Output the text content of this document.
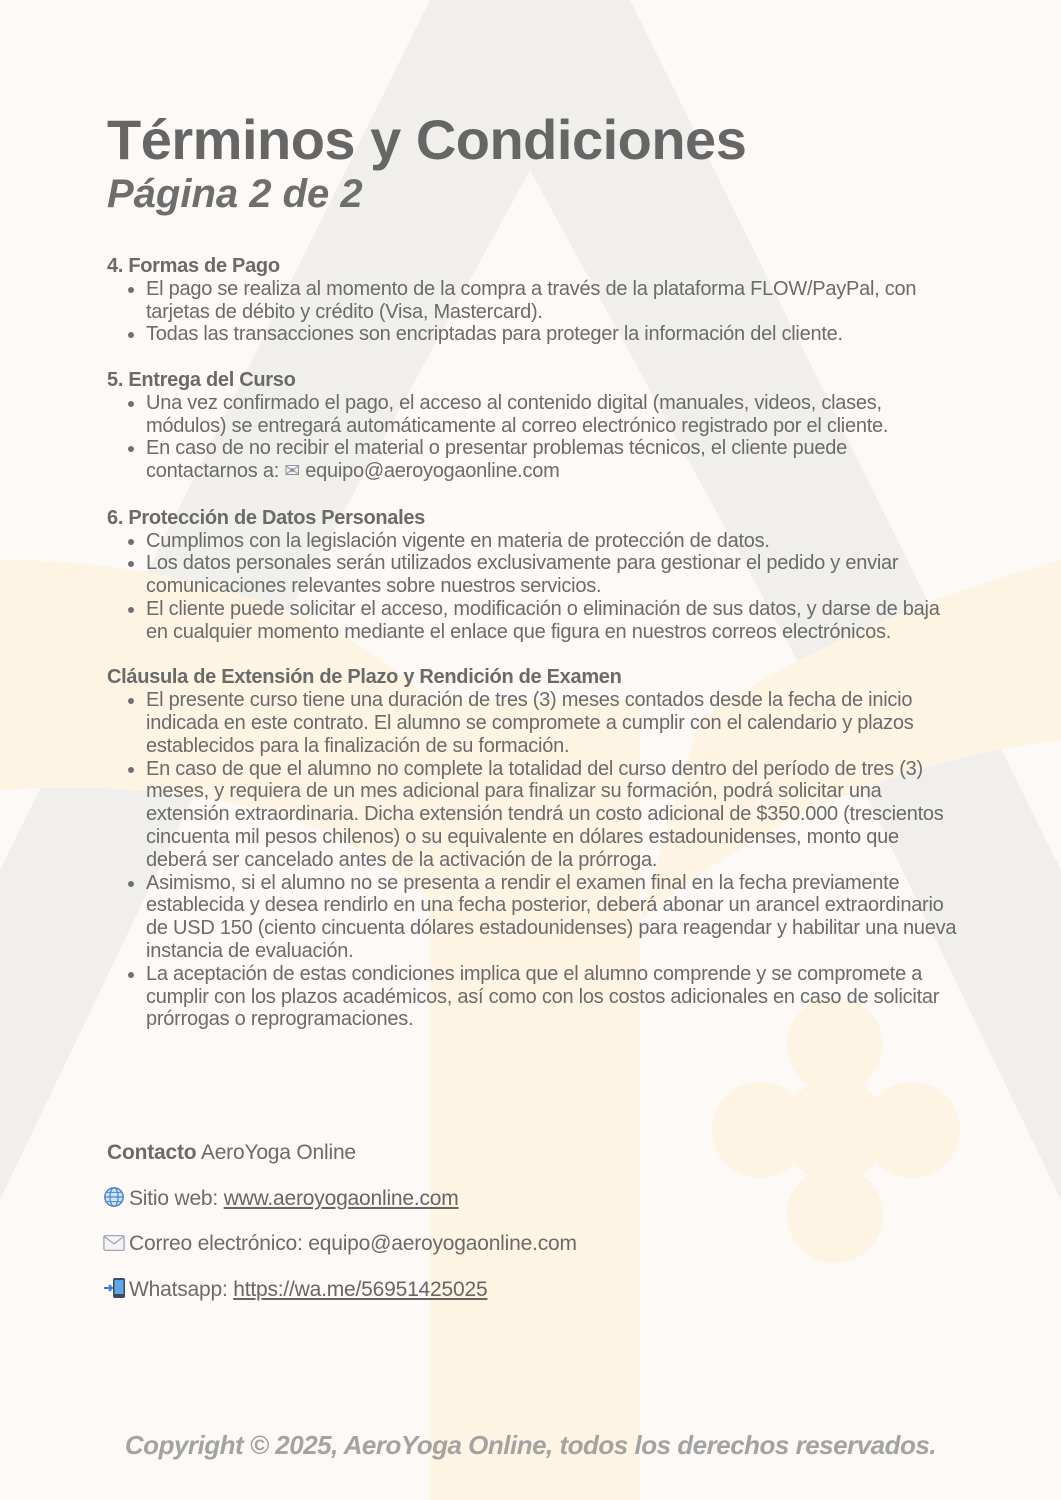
Términos y Condiciones
Página 2 de 2
4. Formas de Pago
• El pago se realiza al momento de la compra a través de la plataforma FLOW/PayPal, con tarjetas de débito y crédito (Visa, Mastercard).
• Todas las transacciones son encriptadas para proteger la información del cliente.
5. Entrega del Curso
• Una vez confirmado el pago, el acceso al contenido digital (manuales, videos, clases, módulos) se entregará automáticamente al correo electrónico registrado por el cliente.
• En caso de no recibir el material o presentar problemas técnicos, el cliente puede contactarnos a: ✉ equipo@aeroyogaonline.com
6. Protección de Datos Personales
• Cumplimos con la legislación vigente en materia de protección de datos.
• Los datos personales serán utilizados exclusivamente para gestionar el pedido y enviar comunicaciones relevantes sobre nuestros servicios.
• El cliente puede solicitar el acceso, modificación o eliminación de sus datos, y darse de baja en cualquier momento mediante el enlace que figura en nuestros correos electrónicos.
Cláusula de Extensión de Plazo y Rendición de Examen
• El presente curso tiene una duración de tres (3) meses contados desde la fecha de inicio indicada en este contrato. El alumno se compromete a cumplir con el calendario y plazos establecidos para la finalización de su formación.
• En caso de que el alumno no complete la totalidad del curso dentro del período de tres (3) meses, y requiera de un mes adicional para finalizar su formación, podrá solicitar una extensión extraordinaria. Dicha extensión tendrá un costo adicional de $350.000 (trescientos cincuenta mil pesos chilenos) o su equivalente en dólares estadounidenses, monto que deberá ser cancelado antes de la activación de la prórroga.
• Asimismo, si el alumno no se presenta a rendir el examen final en la fecha previamente establecida y desea rendirlo en una fecha posterior, deberá abonar un arancel extraordinario de USD 150 (ciento cincuenta dólares estadounidenses) para reagendar y habilitar una nueva instancia de evaluación.
• La aceptación de estas condiciones implica que el alumno comprende y se compromete a cumplir con los plazos académicos, así como con los costos adicionales en caso de solicitar prórrogas o reprogramaciones.

Contacto AeroYoga Online

Sitio web: www.aeroyogaonline.com

Correo electrónico: equipo@aeroyogaonline.com

Whatsapp: https://wa.me/56951425025

Copyright © 2025, AeroYoga Online, todos los derechos reservados.
